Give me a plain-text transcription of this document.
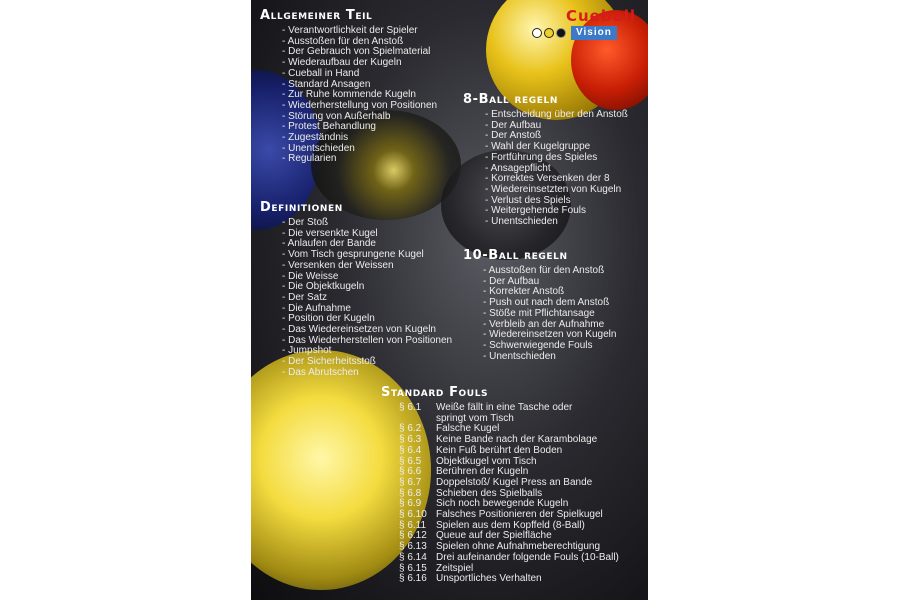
Cueball
Vision
Allgemeiner Teil
- Verantwortlichkeit der Spieler
- Ausstoßen für den Anstoß
- Der Gebrauch von Spielmaterial
- Wiederaufbau der Kugeln
- Cueball in Hand
- Standard Ansagen
- Zur Ruhe kommende Kugeln
- Wiederherstellung von Positionen
- Störung von Außerhalb
- Protest Behandlung
- Zugeständnis
- Unentschieden
- Regularien
Definitionen
- Der Stoß
- Die versenkte Kugel
- Anlaufen der Bande
- Vom Tisch gesprungene Kugel
- Versenken der Weissen
- Die Weisse
- Die Objektkugeln
- Der Satz
- Die Aufnahme
- Position der Kugeln
- Das Wiedereinsetzen von Kugeln
- Das Wiederherstellen von Positionen
- Jumpshot
- Der Sicherheitsstoß
- Das Abrutschen
8-Ball regeln
- Entscheidung über den Anstoß
- Der Aufbau
- Der Anstoß
- Wahl der Kugelgruppe
- Fortführung des Spieles
- Ansagepflicht
- Korrektes Versenken der 8
- Wiedereinsetzten von Kugeln
- Verlust des Spiels
- Weitergehende Fouls
- Unentschieden
10-Ball regeln
- Ausstoßen für den Anstoß
- Der Aufbau
- Korrekter Anstoß
- Push out nach dem Anstoß
- Stöße mit Pflichtansage
- Verbleib an der Aufnahme
- Wiedereinsetzen von Kugeln
- Schwerwiegende Fouls
- Unentschieden
Standard Fouls
§ 6.1	Weiße fällt in eine Tasche oder
springt vom Tisch
§ 6.2	Falsche Kugel
§ 6.3	Keine Bande nach der Karambolage
§ 6.4	Kein Fuß berührt den Boden
§ 6.5	Objektkugel vom Tisch
§ 6.6	Berühren der Kugeln
§ 6.7	Doppelstoß/ Kugel Press an Bande
§ 6.8	Schieben des Spielballs
§ 6.9	Sich noch bewegende Kugeln
§ 6.10 Falsches Positionieren der Spielkugel
§ 6.11 Spielen aus dem Kopffeld (8-Ball)
§ 6.12 Queue auf der Spielfläche
§ 6.13 Spielen ohne Aufnahmeberechtigung
§ 6.14 Drei aufeinander folgende Fouls (10-Ball)
§ 6.15 Zeitspiel
§ 6.16 Unsportliches Verhalten
